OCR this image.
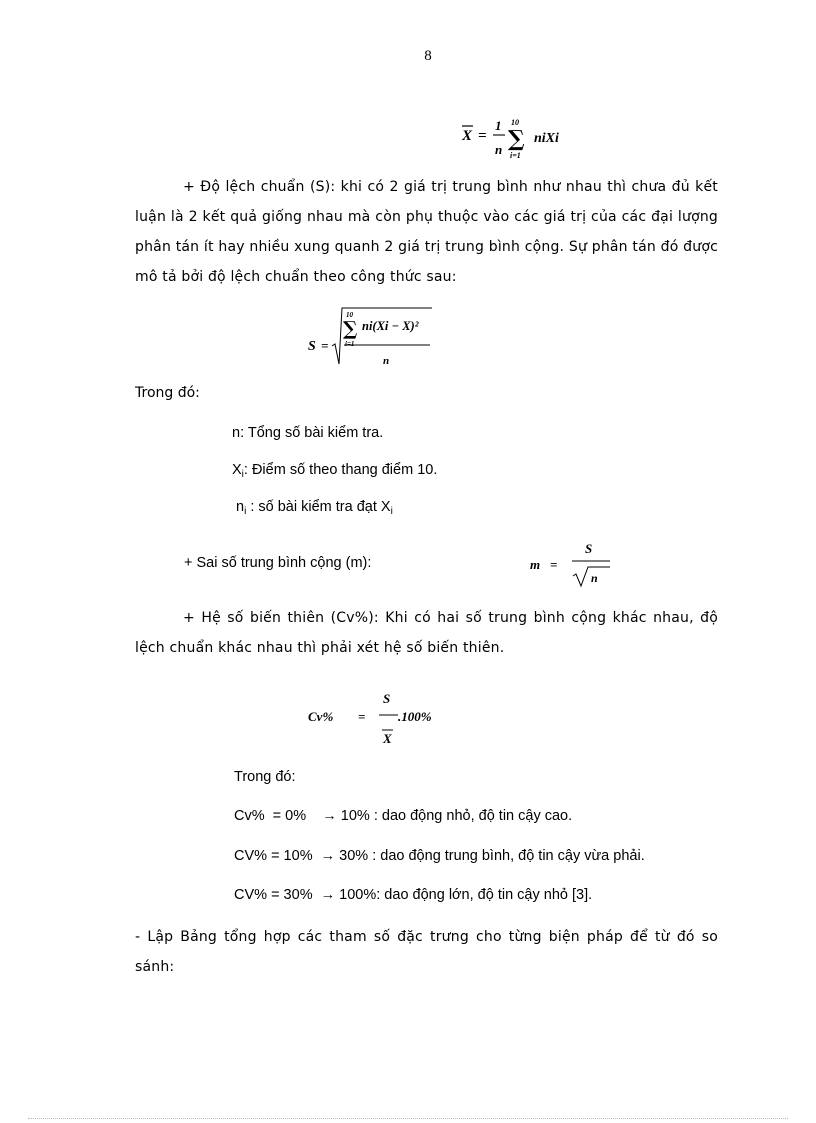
8
X =
1
n
10
∑
i=1
niXi
+ Độ lệch chuẩn (S): khi có 2 giá trị trung bình như nhau thì chưa đủ kết luận là 2 kết quả giống nhau mà còn phụ thuộc vào các giá trị của các đại lượng phân tán ít hay nhiều xung quanh 2 giá trị trung bình cộng. Sự phân tán đó được mô tả bởi độ lệch chuẩn theo công thức sau:
S =
10
∑
i=1
ni(Xi − X)²
n
Trong đó:
n: Tổng số bài kiểm tra.
$X_i$: Điểm số theo thang điểm 10.
$n_i$ : số bài kiểm tra đạt $X_i$
+ Sai số trung bình cộng (m):	m =
S
n
+ Hệ số biến thiên (Cv%): Khi có hai số trung bình cộng khác nhau, độ lệch chuẩn khác nhau thì phải xét hệ số biến thiên.
Cv% =
S
X
.100%
Trong đó:
Cv%  = 0%    → 10% : dao động nhỏ, độ tin cậy cao.
CV% = 10%  → 30% : dao động trung bình, độ tin cậy vừa phải.
CV% = 30%  → 100%: dao động lớn, độ tin cậy nhỏ [3].
- Lập Bảng tổng hợp các tham số đặc trưng cho từng biện pháp để từ đó so sánh:
